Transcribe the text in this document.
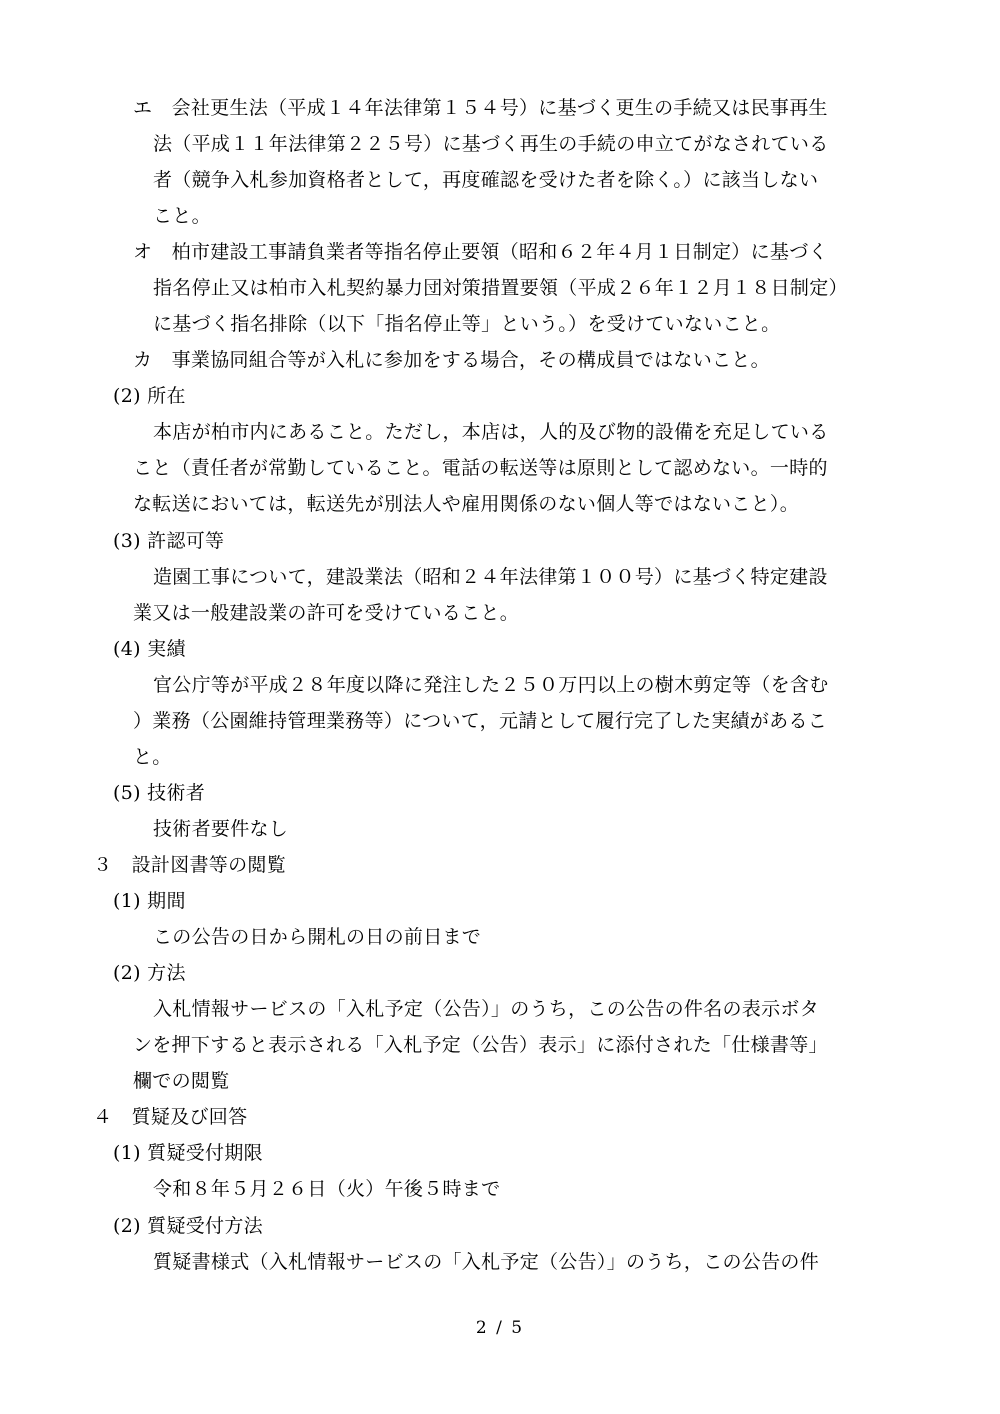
エ　会社更生法（平成１４年法律第１５４号）に基づく更生の手続又は民事再生
法（平成１１年法律第２２５号）に基づく再生の手続の申立てがなされている
者（競争入札参加資格者として，再度確認を受けた者を除く。）に該当しない
こと。
オ　柏市建設工事請負業者等指名停止要領（昭和６２年４月１日制定）に基づく
指名停止又は柏市入札契約暴力団対策措置要領（平成２６年１２月１８日制定）
に基づく指名排除（以下「指名停止等」という。）を受けていないこと。
カ　事業協同組合等が入札に参加をする場合，その構成員ではないこと。
(2) 所在
本店が柏市内にあること。ただし，本店は，人的及び物的設備を充足している
こと（責任者が常勤していること。電話の転送等は原則として認めない。一時的
な転送においては，転送先が別法人や雇用関係のない個人等ではないこと）。
(3) 許認可等
造園工事について，建設業法（昭和２４年法律第１００号）に基づく特定建設
業又は一般建設業の許可を受けていること。
(4) 実績
官公庁等が平成２８年度以降に発注した２５０万円以上の樹木剪定等（を含む
）業務（公園維持管理業務等）について，元請として履行完了した実績があるこ
と。
(5) 技術者
技術者要件なし
３　設計図書等の閲覧
(1) 期間
この公告の日から開札の日の前日まで
(2) 方法
入札情報サービスの「入札予定（公告）」のうち，この公告の件名の表示ボタ
ンを押下すると表示される「入札予定（公告）表示」に添付された「仕様書等」
欄での閲覧
４　質疑及び回答
(1) 質疑受付期限
令和８年５月２６日（火）午後５時まで
(2) 質疑受付方法
質疑書様式（入札情報サービスの「入札予定（公告）」のうち，この公告の件
2 / 5
